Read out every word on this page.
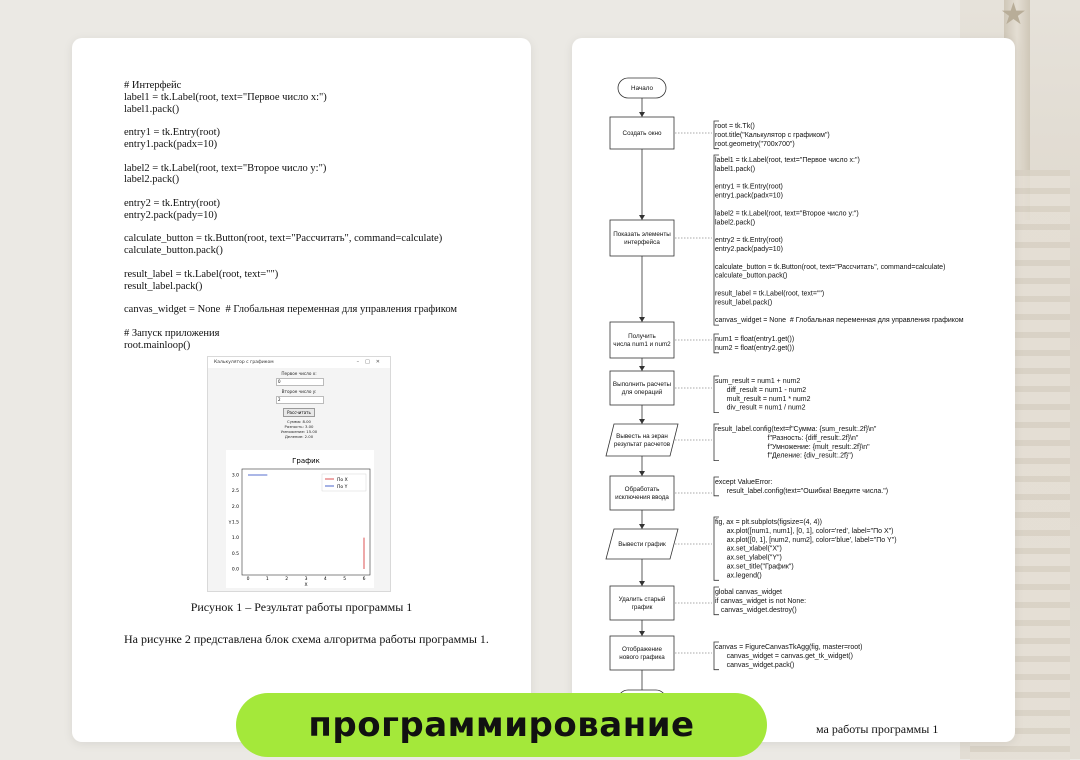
★
# Интерфейс
label1 = tk.Label(root, text="Первое число x:")
label1.pack()
entry1 = tk.Entry(root)
entry1.pack(padx=10)
label2 = tk.Label(root, text="Второе число y:")
label2.pack()
entry2 = tk.Entry(root)
entry2.pack(pady=10)
calculate_button = tk.Button(root, text="Рассчитать", command=calculate)
calculate_button.pack()
result_label = tk.Label(root, text="")
result_label.pack()
canvas_widget = None  # Глобальная переменная для управления графиком
# Запуск приложения
root.mainloop()
Калькулятор с графиком	–□✕
Первое число x:
0
Второе число y:
2
Рассчитать
Сумма: 8.00
Разность: 3.00
Умножение: 15.00
Деление: 2.00
График
0	1	2	3	4	5	6
0.0
0.5
1.0
1.5
2.0
2.5
3.0
По X
По Y
X
Y
Рисунок 1 – Результат работы программы 1
На рисунке 2 представлена блок схема алгоритма работы программы 1.
Начало
Создать окно
Показать элементы
интерфейса
Получить
числа num1 и num2
Выполнить расчеты
для операций
Вывесть на экран
результат расчетов
Обработать
исключения ввода
Вывести график
Удалить старый
график
Отображение
нового графика
root = tk.Tk()
root.title("Калькулятор с графиком")
root.geometry("700x700")
label1 = tk.Label(root, text="Первое число x:")
label1.pack()
entry1 = tk.Entry(root)
entry1.pack(padx=10)
label2 = tk.Label(root, text="Второе число y:")
label2.pack()
entry2 = tk.Entry(root)
entry2.pack(pady=10)
calculate_button = tk.Button(root, text="Рассчитать", command=calculate)
calculate_button.pack()
result_label = tk.Label(root, text="")
result_label.pack()
canvas_widget = None  # Глобальная переменная для управления графиком
num1 = float(entry1.get())
num2 = float(entry2.get())
sum_result = num1 + num2
diff_result = num1 - num2
mult_result = num1 * num2
div_result = num1 / num2
result_label.config(text=f"Сумма: {sum_result:.2f}\n"
f"Разность: {diff_result:.2f}\n"
f"Умножение: {mult_result:.2f}\n"
f"Деление: {div_result:.2f}")
except ValueError:
result_label.config(text="Ошибка! Введите числа.")
fig, ax = plt.subplots(figsize=(4, 4))
ax.plot([num1, num1], [0, 1], color='red', label="По X")
ax.plot([0, 1], [num2, num2], color='blue', label="По Y")
ax.set_xlabel("X")
ax.set_ylabel("Y")
ax.set_title("График")
ax.legend()
global canvas_widget
if canvas_widget is not None:
canvas_widget.destroy()
canvas = FigureCanvasTkAgg(fig, master=root)
canvas_widget = canvas.get_tk_widget()
canvas_widget.pack()
ма работы программы 1
программирование
